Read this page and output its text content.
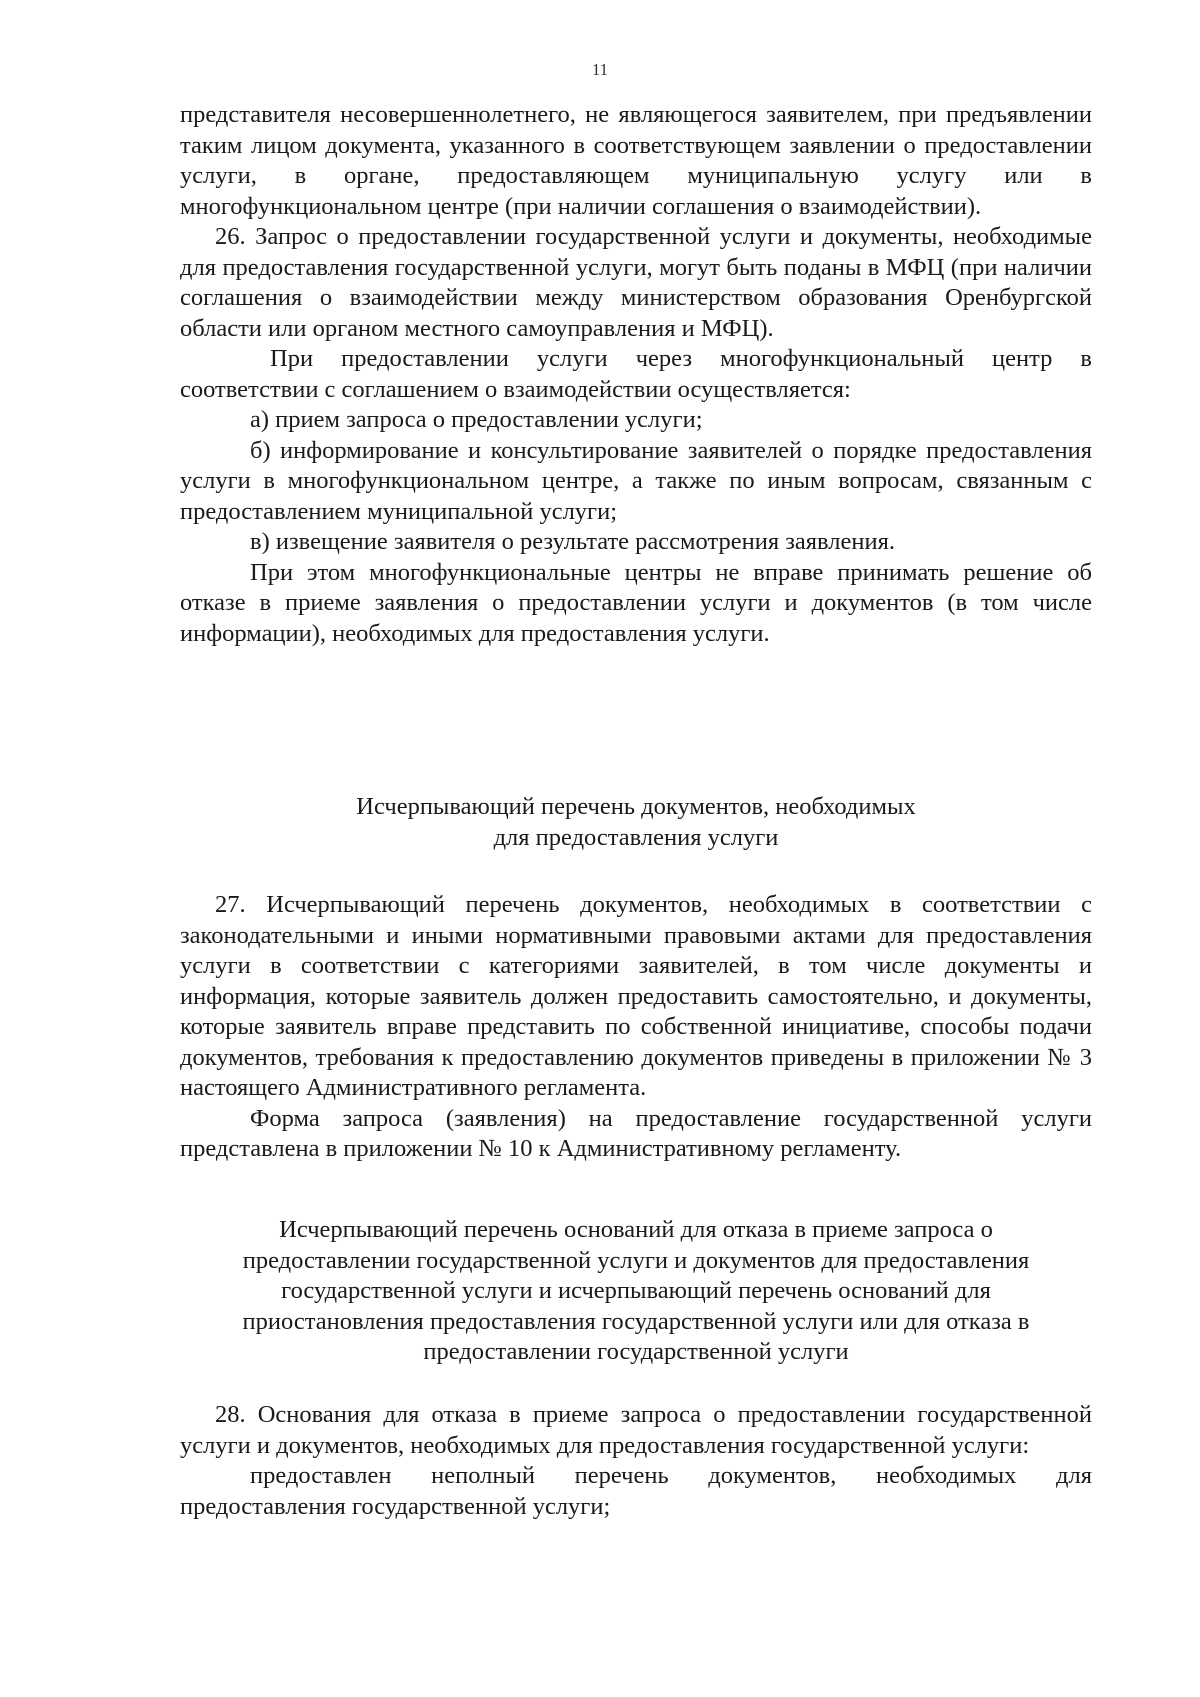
11

представителя несовершеннолетнего, не являющегося заявителем, при предъявлении таким лицом документа, указанного в соответствующем заявлении о предоставлении услуги, в органе, предоставляющем муниципальную услугу или в многофункциональном центре (при наличии соглашения о взаимодействии).

26. Запрос о предоставлении государственной услуги и документы, необходимые для предоставления государственной услуги, могут быть поданы в МФЦ (при наличии соглашения о взаимодействии между министерством образования Оренбургской области или органом местного самоуправления и МФЦ).

При предоставлении услуги через многофункциональный центр в соответствии с соглашением о взаимодействии осуществляется:

а) прием запроса о предоставлении услуги;

б) информирование и консультирование заявителей о порядке предоставления услуги в многофункциональном центре, а также по иным вопросам, связанным с предоставлением муниципальной услуги;

в) извещение заявителя о результате рассмотрения заявления.

При этом многофункциональные центры не вправе принимать решение об отказе в приеме заявления о предоставлении услуги и документов (в том числе информации), необходимых для предоставления услуги.

Исчерпывающий перечень документов, необходимых

для предоставления услуги

27. Исчерпывающий перечень документов, необходимых в соответствии с законодательными и иными нормативными правовыми актами для предоставления услуги в соответствии с категориями заявителей, в том числе документы и информация, которые заявитель должен предоставить самостоятельно, и документы, которые заявитель вправе представить по собственной инициативе, способы подачи документов, требования к предоставлению документов приведены в приложении № 3 настоящего Административного регламента.

Форма запроса (заявления) на предоставление государственной услуги представлена в приложении № 10 к Административному регламенту.

Исчерпывающий перечень оснований для отказа в приеме запроса о

предоставлении государственной услуги и документов для предоставления

государственной услуги и исчерпывающий перечень оснований для

приостановления предоставления государственной услуги или для отказа в

предоставлении государственной услуги

28. Основания для отказа в приеме запроса о предоставлении государственной услуги и документов, необходимых для предоставления государственной услуги:

предоставлен неполный перечень документов, необходимых для предоставления государственной услуги;
